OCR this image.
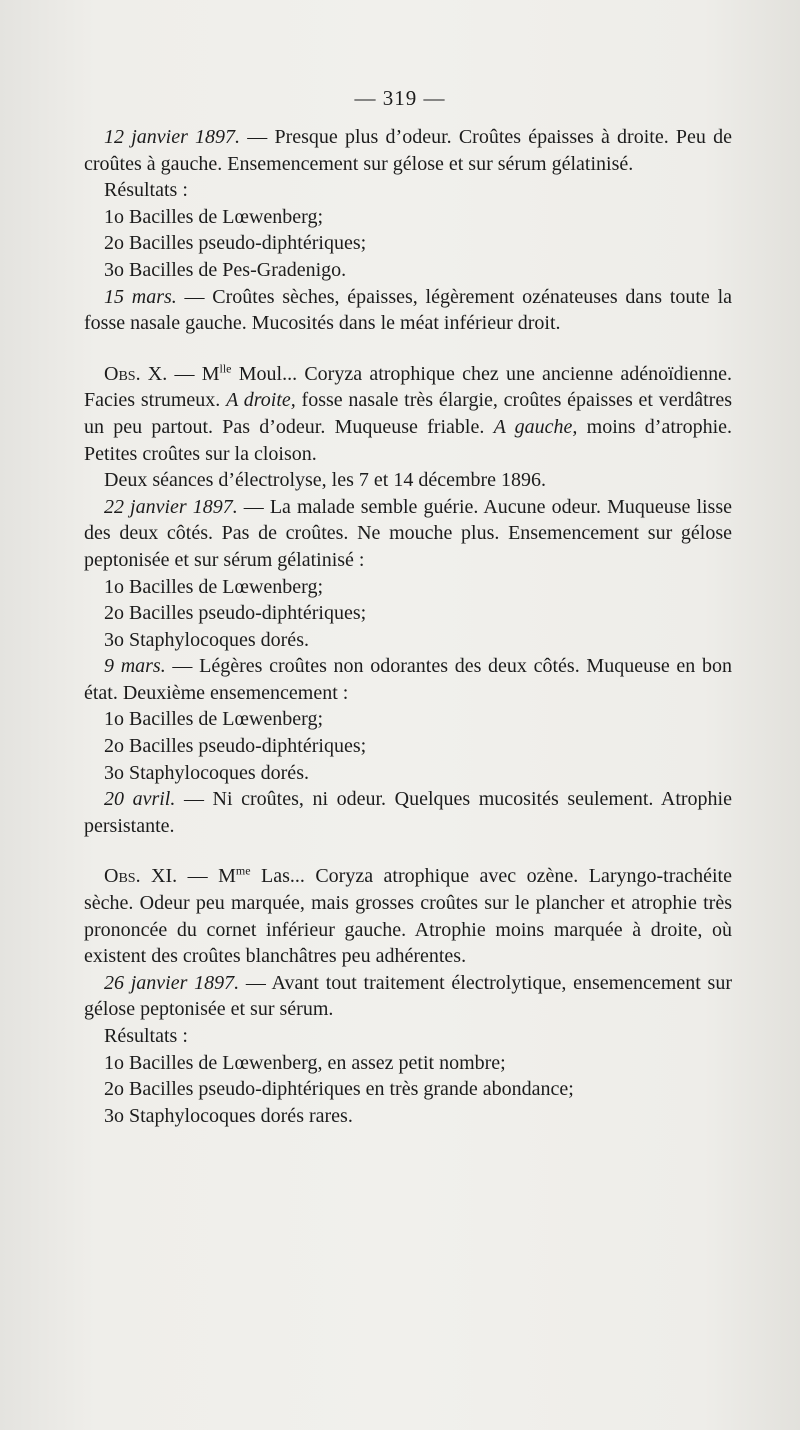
— 319 —

12 janvier 1897. — Presque plus d’odeur. Croûtes épaisses à droite. Peu de croûtes à gauche. Ensemencement sur gélose et sur sérum gélatinisé.

Résultats :

1o Bacilles de Lœwenberg;

2o Bacilles pseudo-diphtériques;

3o Bacilles de Pes-Gradenigo.

15 mars. — Croûtes sèches, épaisses, légèrement ozénateuses dans toute la fosse nasale gauche. Mucosités dans le méat inférieur droit.

Obs. X. — $M^{lle}$ Moul... Coryza atrophique chez une ancienne adénoïdienne. Facies strumeux. A droite, fosse nasale très élargie, croûtes épaisses et verdâtres un peu partout. Pas d’odeur. Muqueuse friable. A gauche, moins d’atrophie. Petites croûtes sur la cloison.

Deux séances d’électrolyse, les 7 et 14 décembre 1896.

22 janvier 1897. — La malade semble guérie. Aucune odeur. Muqueuse lisse des deux côtés. Pas de croûtes. Ne mouche plus. Ensemencement sur gélose peptonisée et sur sérum gélatinisé :

1o Bacilles de Lœwenberg;

2o Bacilles pseudo-diphtériques;

3o Staphylocoques dorés.

9 mars. — Légères croûtes non odorantes des deux côtés. Muqueuse en bon état. Deuxième ensemencement :

1o Bacilles de Lœwenberg;

2o Bacilles pseudo-diphtériques;

3o Staphylocoques dorés.

20 avril. — Ni croûtes, ni odeur. Quelques mucosités seulement. Atrophie persistante.

Obs. XI. — $M^{me}$ Las... Coryza atrophique avec ozène. Laryngo-trachéite sèche. Odeur peu marquée, mais grosses croûtes sur le plancher et atrophie très prononcée du cornet inférieur gauche. Atrophie moins marquée à droite, où existent des croûtes blanchâtres peu adhérentes.

26 janvier 1897. — Avant tout traitement électrolytique, ensemencement sur gélose peptonisée et sur sérum.

Résultats :

1o Bacilles de Lœwenberg, en assez petit nombre;

2o Bacilles pseudo-diphtériques en très grande abondance;

3o Staphylocoques dorés rares.
